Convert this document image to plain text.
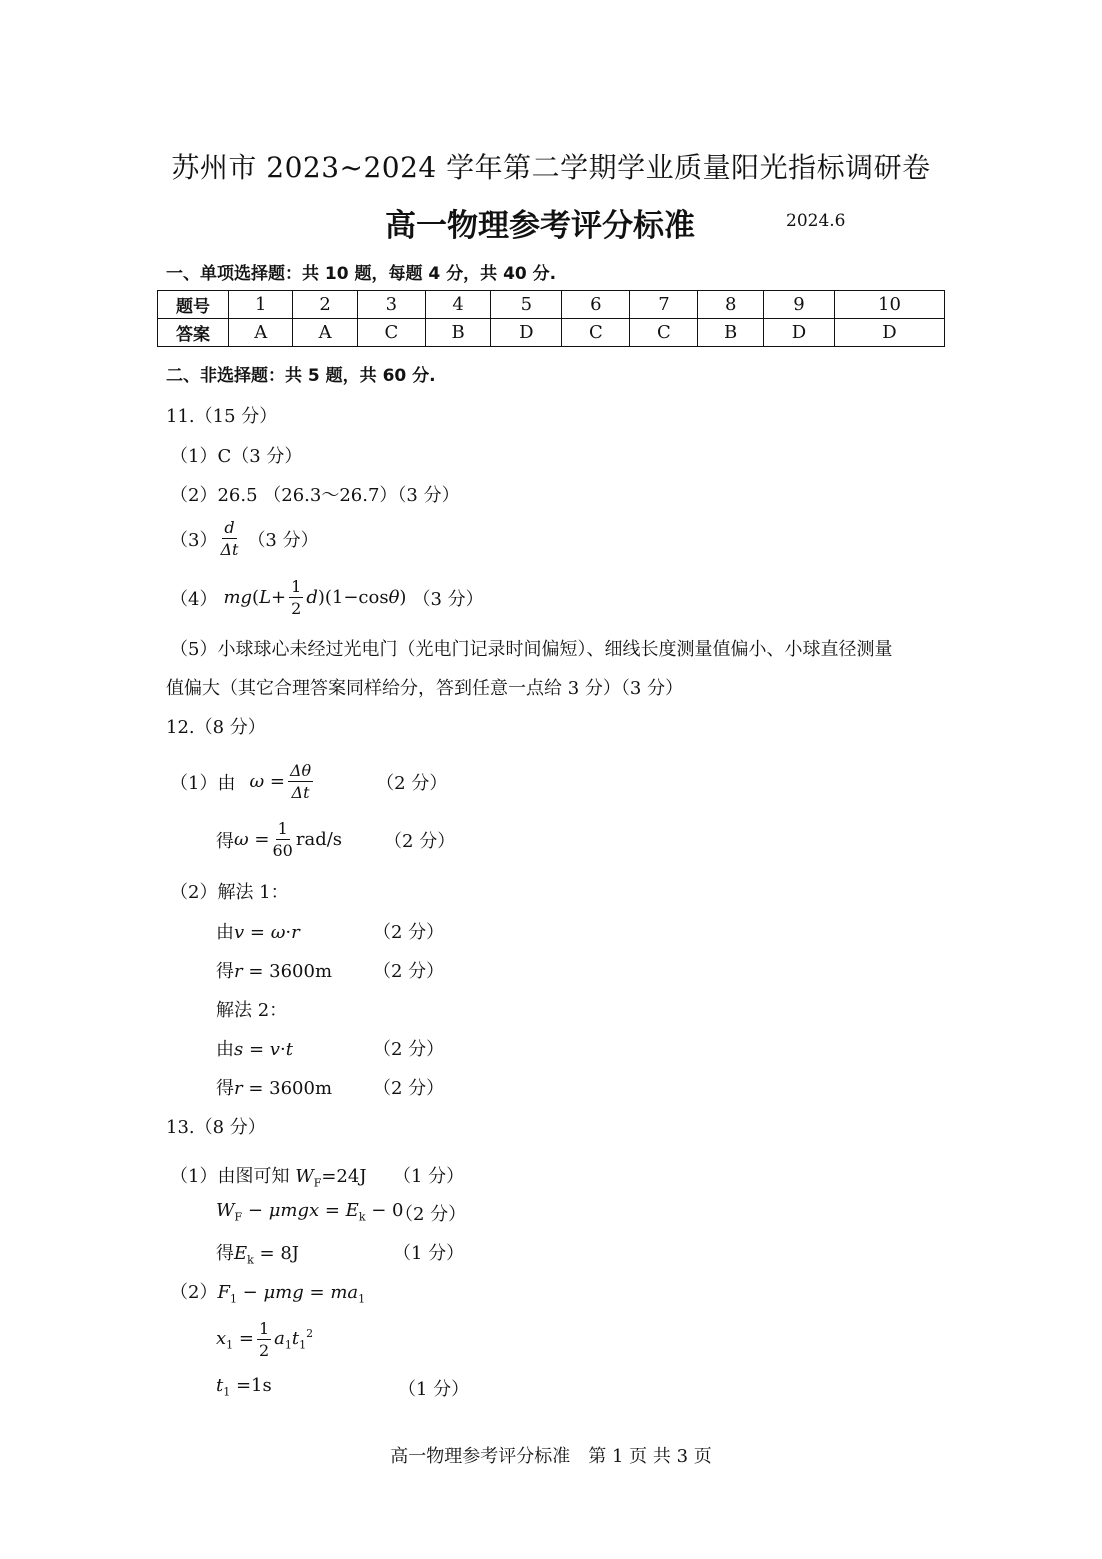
苏州市 2023~2024 学年第二学期学业质量阳光指标调研卷
高一物理参考评分标准	2024.6
一、单项选择题：共 10 题，每题 4 分，共 40 分.
题号	1	2	3	4	5	6	7	8	9	10
答案	A	A	C	B	D	C	C	B	D	D
二、非选择题：共 5 题，共 60 分.
11.（15 分）
（1）C（3 分）
（2）26.5 （26.3～26.7）（3 分）
$(3) \frac{d}{\Delta t} (3$ 分）
（4） $mg(L+ \frac{1}{2} d)(1-\cos\theta)$ （3 分）
（5）小球球心未经过光电门（光电门记录时间偏短）、细线长度测量值偏小、小球直径测量
值偏大（其它合理答案同样给分，答到任意一点给 3 分）（3 分）
12.（8 分）
（1）由 $\omega = \frac{\Delta\theta}{\Delta t}$	（2 分）
得 $\omega = \frac{1}{60} rad/s$ （2 分）
（2）解法 1：
由v = ω·r	（2 分）
得r = 3600m （2 分）
解法 2：
由s = v·t	（2 分）
得r = 3600m （2 分）
13.（8 分）
（1）由图可知 $W_F=24J$ （1 分）
$W_F - \mu mgx = E_k - 0$
（2 分）
得$E_k = 8J$	（1 分）
$(2)F_1 - \mu mg = ma_1$
$x_1 = \frac{1}{2} a_1t_1^2$
$t_1 =1s$	（1 分）
高一物理参考评分标准　第 1 页 共 3 页
